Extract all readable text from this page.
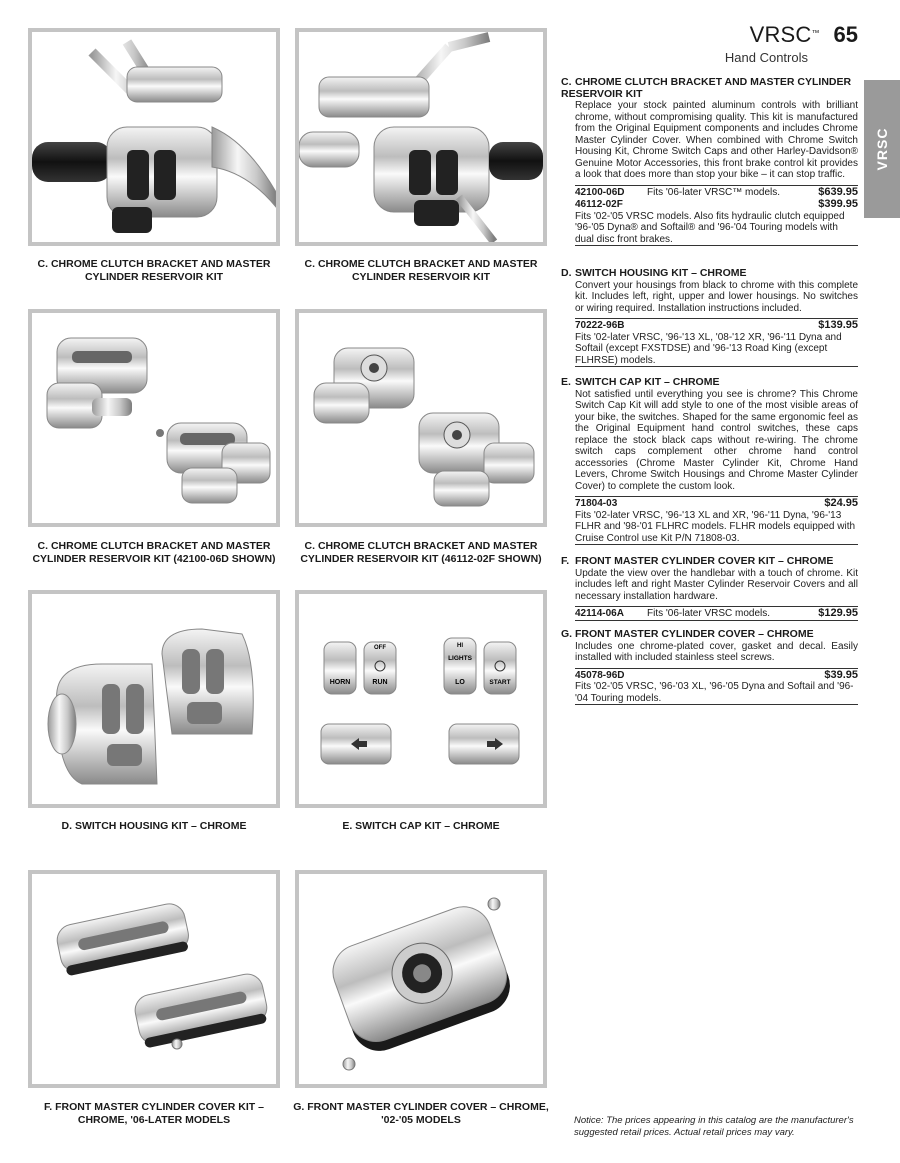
VRSC™ 65
Hand Controls
VRSC
C. CHROME CLUTCH BRACKET AND MASTER CYLINDER RESERVOIR KIT
C. CHROME CLUTCH BRACKET AND MASTER CYLINDER RESERVOIR KIT
C. CHROME CLUTCH BRACKET AND MASTER CYLINDER RESERVOIR KIT (42100-06D SHOWN)
C. CHROME CLUTCH BRACKET AND MASTER CYLINDER RESERVOIR KIT (46112-02F SHOWN)
D. SWITCH HOUSING KIT – CHROME
HORN
OFF
RUN
HI
LIGHTS
LO	START
E. SWITCH CAP KIT – CHROME
F. FRONT MASTER CYLINDER COVER KIT – CHROME, '06-LATER MODELS
G. FRONT MASTER CYLINDER COVER – CHROME, '02-'05 MODELS
C. CHROME CLUTCH BRACKET AND MASTER CYLINDER RESERVOIR KIT
Replace your stock painted aluminum controls with brilliant chrome, without compromising quality. This kit is manufactured from the Original Equipment components and includes Chrome Master Cylinder Cover. When combined with Chrome Switch Housing Kit, Chrome Switch Caps and other Harley-Davidson® Genuine Motor Accessories, this front brake control kit provides a look that does more than stop your bike – it can stop traffic.
42100-06D	Fits '06-later VRSC™ models.	$639.95
46112-02F	$399.95
Fits '02-'05 VRSC models. Also fits hydraulic clutch equipped '96-'05 Dyna® and Softail® and '96-'04 Touring models with dual disc front brakes.
D. SWITCH HOUSING KIT – CHROME
Convert your housings from black to chrome with this complete kit. Includes left, right, upper and lower housings. No switches or wiring required. Installation instructions included.
70222-96B	$139.95
Fits '02-later VRSC, '96-'13 XL, '08-'12 XR, '96-'11 Dyna and Softail (except FXSTDSE) and '96-'13 Road King (except FLHRSE) models.
E. SWITCH CAP KIT – CHROME
Not satisfied until everything you see is chrome? This Chrome Switch Cap Kit will add style to one of the most visible areas of your bike, the switches. Shaped for the same ergonomic feel as the Original Equipment hand control switches, these caps replace the stock black caps without re-wiring. The chrome switch caps complement other chrome hand control accessories (Chrome Master Cylinder Kit, Chrome Hand Levers, Chrome Switch Housings and Chrome Master Cylinder Cover) to complete the custom look.
71804-03	$24.95
Fits '02-later VRSC, '96-'13 XL and XR, '96-'11 Dyna, '96-'13 FLHR and '98-'01 FLHRC models. FLHR models equipped with Cruise Control use Kit P/N 71808-03.
F. FRONT MASTER CYLINDER COVER KIT – CHROME
Update the view over the handlebar with a touch of chrome. Kit includes left and right Master Cylinder Reservoir Covers and all necessary installation hardware.
42114-06A	Fits '06-later VRSC models.	$129.95
G. FRONT MASTER CYLINDER COVER – CHROME
Includes one chrome-plated cover, gasket and decal. Easily installed with included stainless steel screws.
45078-96D	$39.95
Fits '02-'05 VRSC, '96-'03 XL, '96-'05 Dyna and Softail and '96-'04 Touring models.
Notice: The prices appearing in this catalog are the manufacturer's suggested retail prices. Actual retail prices may vary.
